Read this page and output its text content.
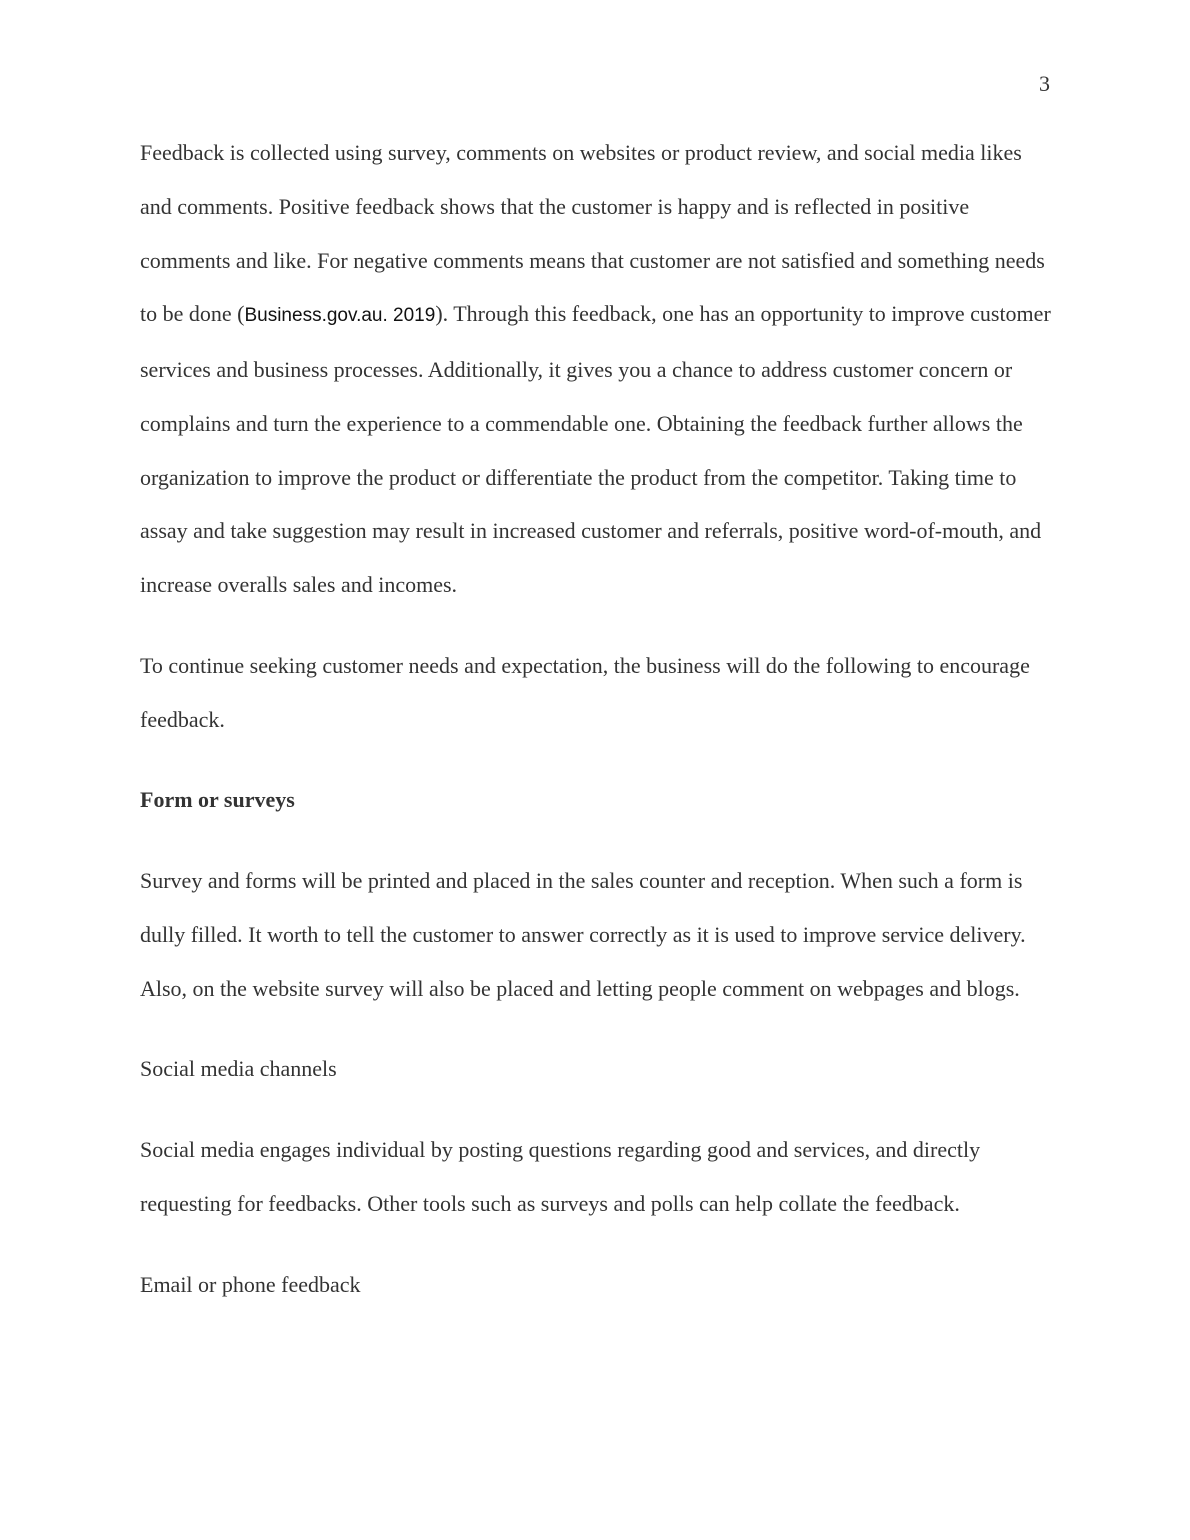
3

Feedback is collected using survey, comments on websites or product review, and social media likes and comments. Positive feedback shows that the customer is happy and is reflected in positive comments and like. For negative comments means that customer are not satisfied and something needs to be done (Business.gov.au. 2019). Through this feedback, one has an opportunity to improve customer services and business processes. Additionally, it gives you a chance to address customer concern or complains and turn the experience to a commendable one. Obtaining the feedback further allows the organization to improve the product or differentiate the product from the competitor. Taking time to assay and take suggestion may result in increased customer and referrals, positive word-of-mouth, and increase overalls sales and incomes.

To continue seeking customer needs and expectation, the business will do the following to encourage feedback.

Form or surveys

Survey and forms will be printed and placed in the sales counter and reception. When such a form is dully filled. It worth to tell the customer to answer correctly as it is used to improve service delivery. Also, on the website survey will also be placed and letting people comment on webpages and blogs.

Social media channels

Social media engages individual by posting questions regarding good and services, and directly requesting for feedbacks. Other tools such as surveys and polls can help collate the feedback.

Email or phone feedback
